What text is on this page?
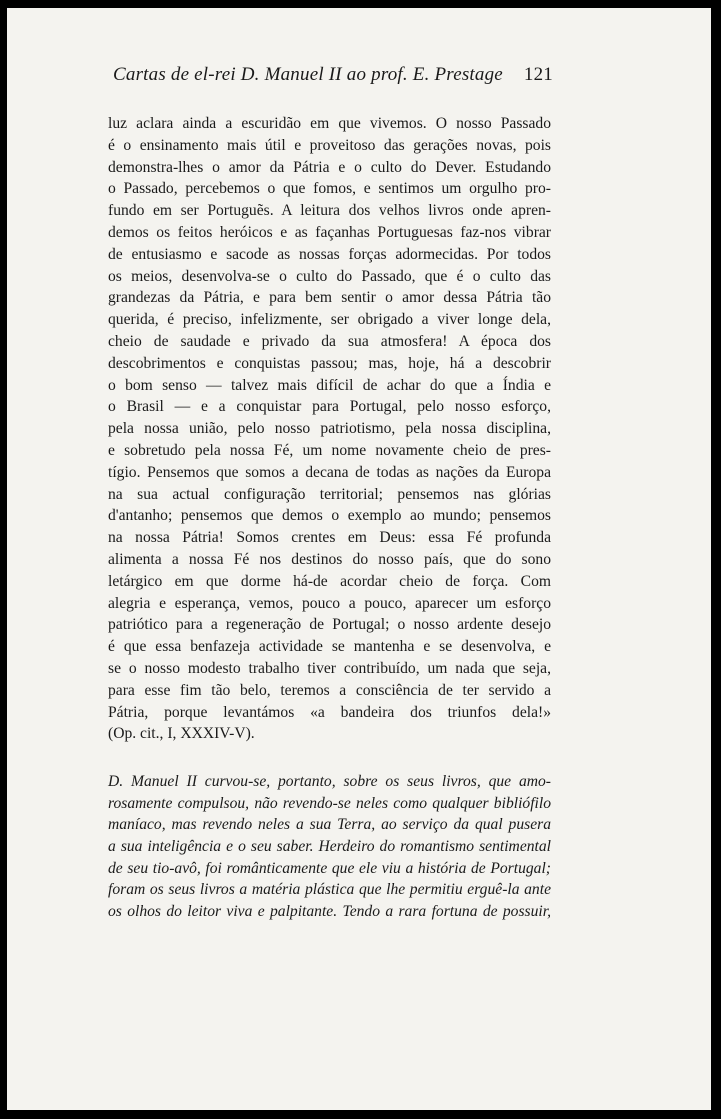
Cartas de el-rei D. Manuel II ao prof. E. Prestage 121
luz aclara ainda a escuridão em que vivemos. O nosso Passado
é o ensinamento mais útil e proveitoso das gerações novas, pois
demonstra-lhes o amor da Pátria e o culto do Dever. Estudando
o Passado, percebemos o que fomos, e sentimos um orgulho pro-
fundo em ser Portuguẽs. A leitura dos velhos livros onde apren-
demos os feitos heróicos e as façanhas Portuguesas faz-nos vibrar
de entusiasmo e sacode as nossas forças adormecidas. Por todos
os meios, desenvolva-se o culto do Passado, que é o culto das
grandezas da Pátria, e para bem sentir o amor dessa Pátria tão
querida, é preciso, infelizmente, ser obrigado a viver longe dela,
cheio de saudade e privado da sua atmosfera! A época dos
descobrimentos e conquistas passou; mas, hoje, há a descobrir
o bom senso — talvez mais difícil de achar do que a Índia e
o Brasil — e a conquistar para Portugal, pelo nosso esforço,
pela nossa união, pelo nosso patriotismo, pela nossa disciplina,
e sobretudo pela nossa Fé, um nome novamente cheio de pres-
tígio. Pensemos que somos a decana de todas as nações da Europa
na sua actual configuração territorial; pensemos nas glórias
d'antanho; pensemos que demos o exemplo ao mundo; pensemos
na nossa Pátria! Somos crentes em Deus: essa Fé profunda
alimenta a nossa Fé nos destinos do nosso país, que do sono
letárgico em que dorme há-de acordar cheio de força. Com
alegria e esperança, vemos, pouco a pouco, aparecer um esforço
patriótico para a regeneração de Portugal; o nosso ardente desejo
é que essa benfazeja actividade se mantenha e se desenvolva, e
se o nosso modesto trabalho tiver contribuído, um nada que seja,
para esse fim tão belo, teremos a consciência de ter servido a
Pátria, porque levantámos «a bandeira dos triunfos dela!»
(Op. cit., I, XXXIV-V).
D. Manuel II curvou-se, portanto, sobre os seus livros, que amo-
rosamente compulsou, não revendo-se neles como qualquer bibliófilo
maníaco, mas revendo neles a sua Terra, ao serviço da qual pusera
a sua inteligência e o seu saber. Herdeiro do romantismo sentimental
de seu tio-avô, foi românticamente que ele viu a história de Portugal;
foram os seus livros a matéria plástica que lhe permitiu erguê-la ante
os olhos do leitor viva e palpitante. Tendo a rara fortuna de possuir,
